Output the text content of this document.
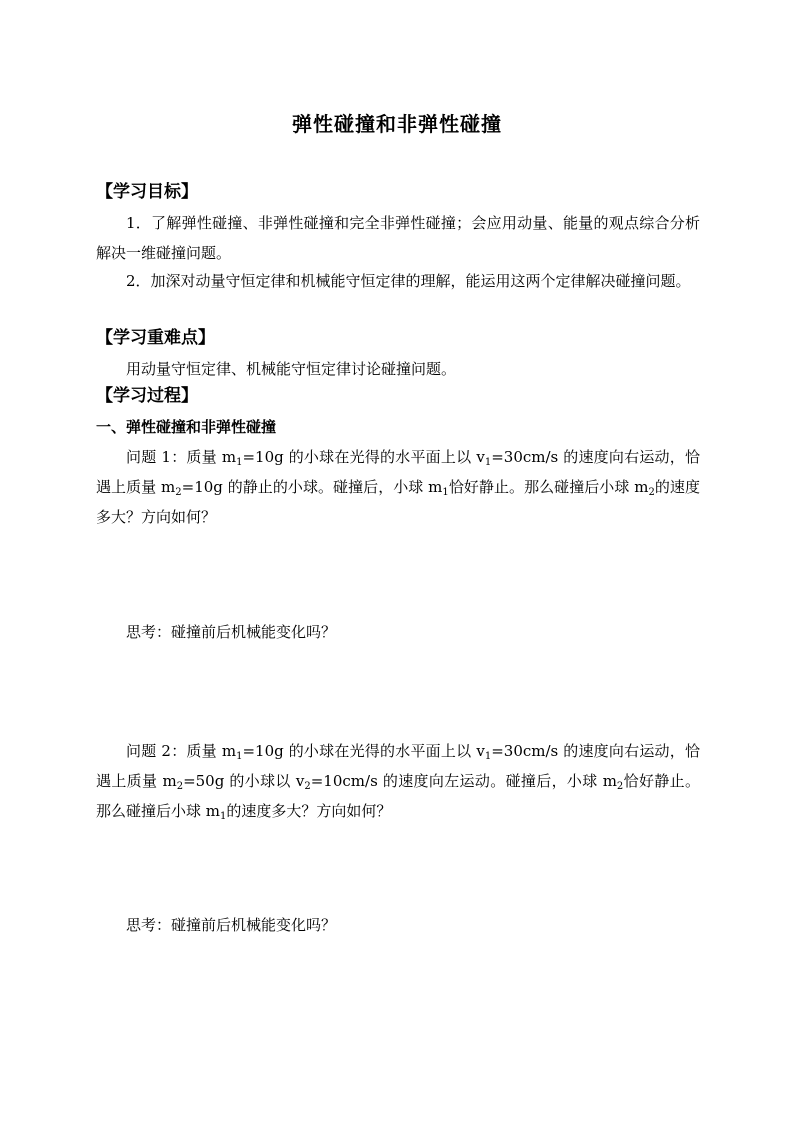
弹性碰撞和非弹性碰撞
【学习目标】
1．了解弹性碰撞、非弹性碰撞和完全非弹性碰撞；会应用动量、能量的观点综合分析解决一维碰撞问题。
2．加深对动量守恒定律和机械能守恒定律的理解，能运用这两个定律解决碰撞问题。
【学习重难点】
用动量守恒定律、机械能守恒定律讨论碰撞问题。
【学习过程】
一、弹性碰撞和非弹性碰撞
问题 1：质量 $m_1=10g$ 的小球在光得的水平面上以 $v_1=30cm/s$ 的速度向右运动，恰遇上质量 $m_2=10g$ 的静止的小球。碰撞后，小球 $m_1$恰好静止。那么碰撞后小球 $m_2$的速度多大？方向如何？
思考：碰撞前后机械能变化吗？
问题 2：质量 $m_1=10g$ 的小球在光得的水平面上以 $v_1=30cm/s$ 的速度向右运动，恰遇上质量 $m_2=50g$ 的小球以 $v_2=10cm/s$ 的速度向左运动。碰撞后，小球 $m_2$恰好静止。那么碰撞后小球 $m_1$的速度多大？方向如何？
思考：碰撞前后机械能变化吗？
